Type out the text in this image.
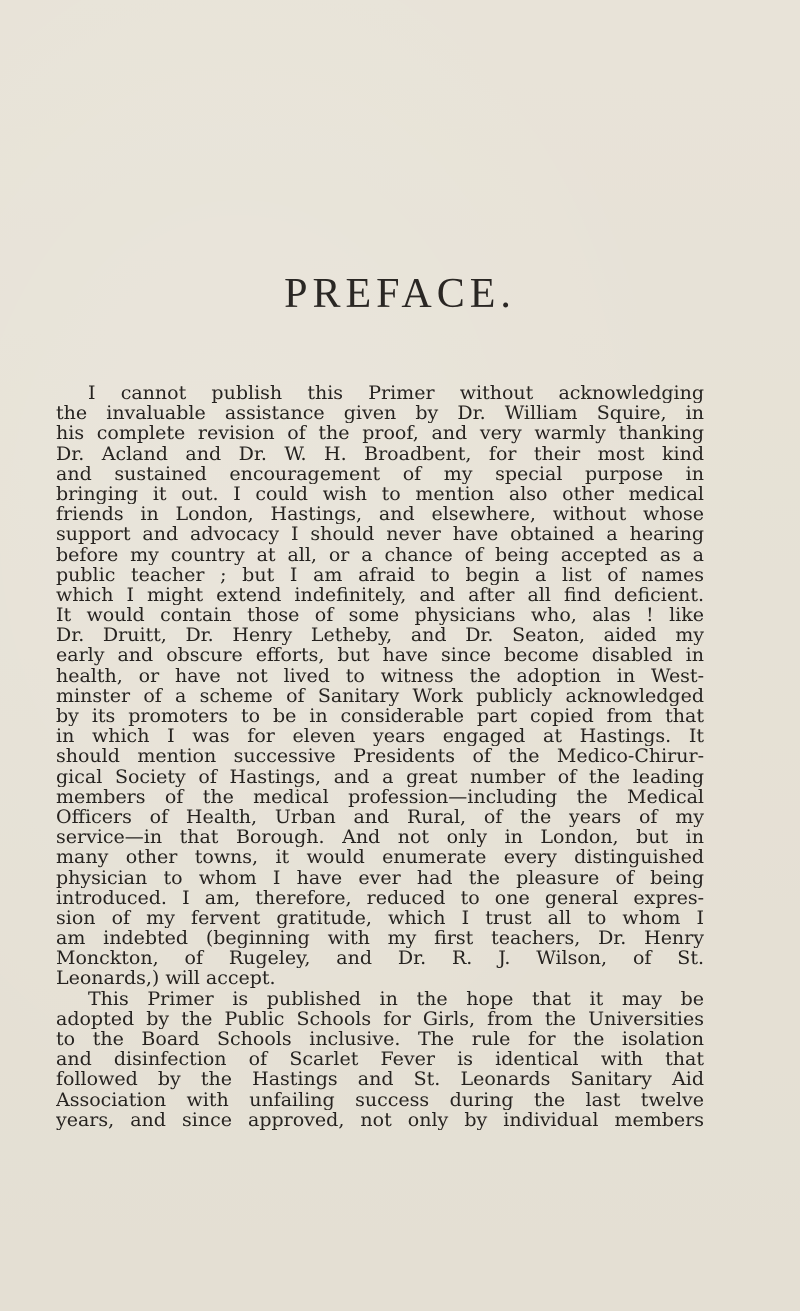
PREFACE.
I cannot publish this Primer without acknowledging
the invaluable assistance given by Dr. William Squire, in
his complete revision of the proof, and very warmly thanking
Dr. Acland and Dr. W. H. Broadbent, for their most kind
and sustained encouragement of my special purpose in
bringing it out. I could wish to mention also other medical
friends in London, Hastings, and elsewhere, without whose
support and advocacy I should never have obtained a hearing
before my country at all, or a chance of being accepted as a
public teacher ; but I am afraid to begin a list of names
which I might extend indefinitely, and after all find deficient.
It would contain those of some physicians who, alas ! like
Dr. Druitt, Dr. Henry Letheby, and Dr. Seaton, aided my
early and obscure efforts, but have since become disabled in
health, or have not lived to witness the adoption in West-
minster of a scheme of Sanitary Work publicly acknowledged
by its promoters to be in considerable part copied from that
in which I was for eleven years engaged at Hastings. It
should mention successive Presidents of the Medico-Chirur-
gical Society of Hastings, and a great number of the leading
members of the medical profession—including the Medical
Officers of Health, Urban and Rural, of the years of my
service—in that Borough. And not only in London, but in
many other towns, it would enumerate every distinguished
physician to whom I have ever had the pleasure of being
introduced. I am, therefore, reduced to one general expres-
sion of my fervent gratitude, which I trust all to whom I
am indebted (beginning with my first teachers, Dr. Henry
Monckton, of Rugeley, and Dr. R. J. Wilson, of St.
Leonards,) will accept.
This Primer is published in the hope that it may be
adopted by the Public Schools for Girls, from the Universities
to the Board Schools inclusive. The rule for the isolation
and disinfection of Scarlet Fever is identical with that
followed by the Hastings and St. Leonards Sanitary Aid
Association with unfailing success during the last twelve
years, and since approved, not only by individual members
